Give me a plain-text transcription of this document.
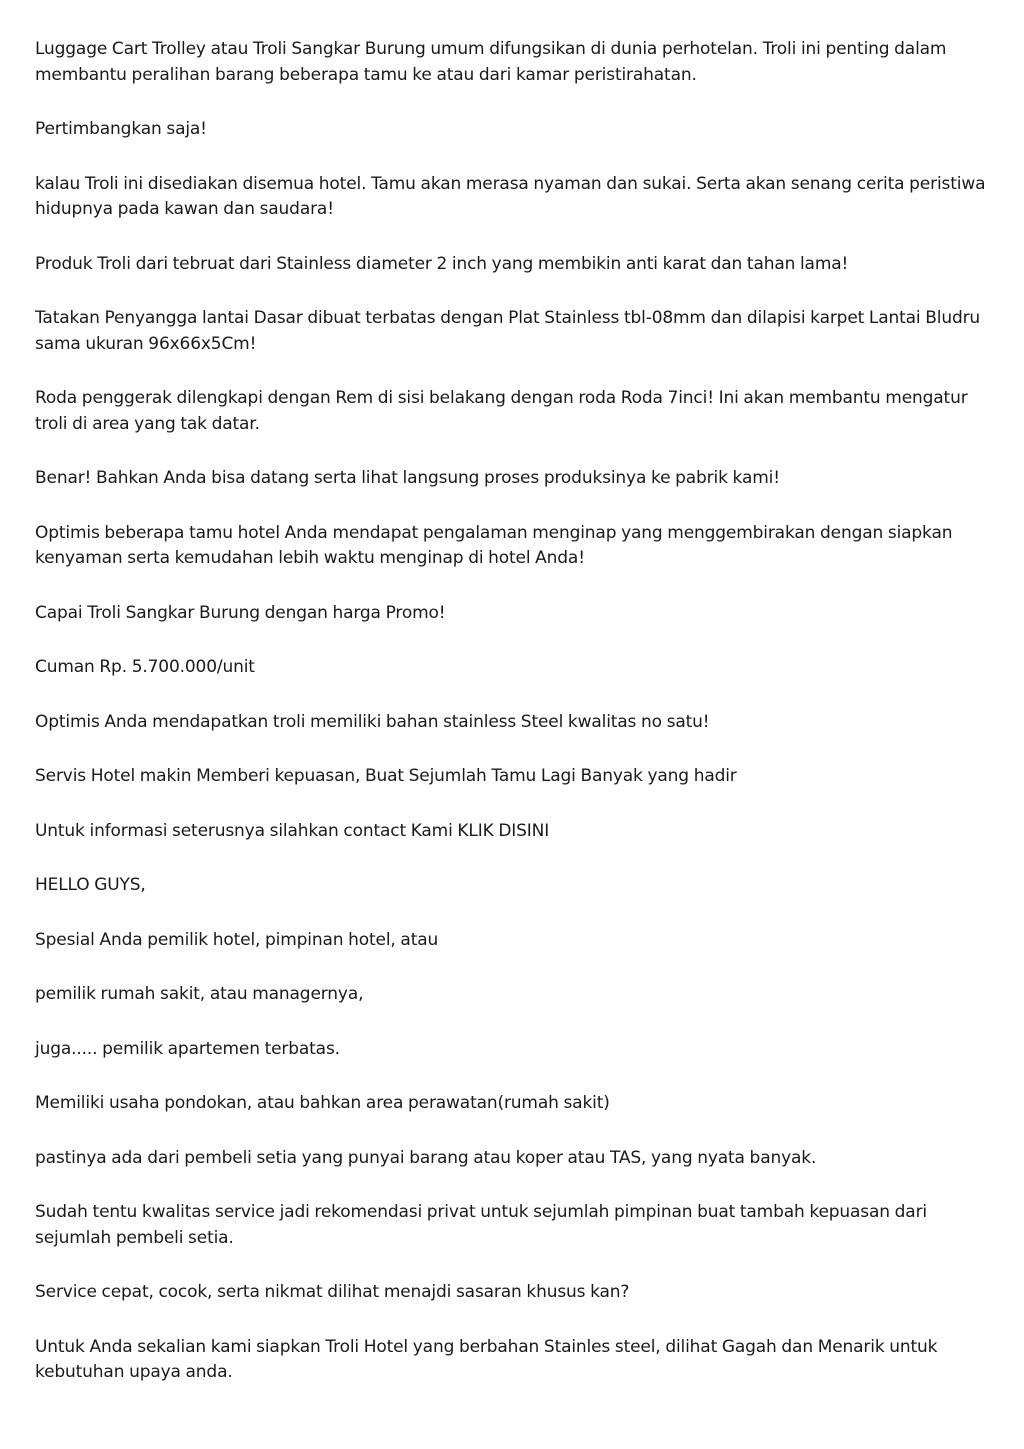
Luggage Cart Trolley atau Troli Sangkar Burung umum difungsikan di dunia perhotelan. Troli ini penting dalam membantu peralihan barang beberapa tamu ke atau dari kamar peristirahatan.

Pertimbangkan saja!

kalau Troli ini disediakan disemua hotel. Tamu akan merasa nyaman dan sukai. Serta akan senang cerita peristiwa hidupnya pada kawan dan saudara!

Produk Troli dari tebruat dari Stainless diameter 2 inch yang membikin anti karat dan tahan lama!

Tatakan Penyangga lantai Dasar dibuat terbatas dengan Plat Stainless tbl-08mm dan dilapisi karpet Lantai Bludru sama ukuran 96x66x5Cm!

Roda penggerak dilengkapi dengan Rem di sisi belakang dengan roda Roda 7inci! Ini akan membantu mengatur troli di area yang tak datar.

Benar! Bahkan Anda bisa datang serta lihat langsung proses produksinya ke pabrik kami!

Optimis beberapa tamu hotel Anda mendapat pengalaman menginap yang menggembirakan dengan siapkan kenyaman serta kemudahan lebih waktu menginap di hotel Anda!

Capai Troli Sangkar Burung dengan harga Promo!

Cuman Rp. 5.700.000/unit

Optimis Anda mendapatkan troli memiliki bahan stainless Steel kwalitas no satu!

Servis Hotel makin Memberi kepuasan, Buat Sejumlah Tamu Lagi Banyak yang hadir

Untuk informasi seterusnya silahkan contact Kami KLIK DISINI

HELLO GUYS,

Spesial Anda pemilik hotel, pimpinan hotel, atau

pemilik rumah sakit, atau managernya,

juga..... pemilik apartemen terbatas.

Memiliki usaha pondokan, atau bahkan area perawatan(rumah sakit)

pastinya ada dari pembeli setia yang punyai barang atau koper atau TAS, yang nyata banyak.

Sudah tentu kwalitas service jadi rekomendasi privat untuk sejumlah pimpinan buat tambah kepuasan dari sejumlah pembeli setia.

Service cepat, cocok, serta nikmat dilihat menajdi sasaran khusus kan?

Untuk Anda sekalian kami siapkan Troli Hotel yang berbahan Stainles steel, dilihat Gagah dan Menarik untuk kebutuhan upaya anda.
